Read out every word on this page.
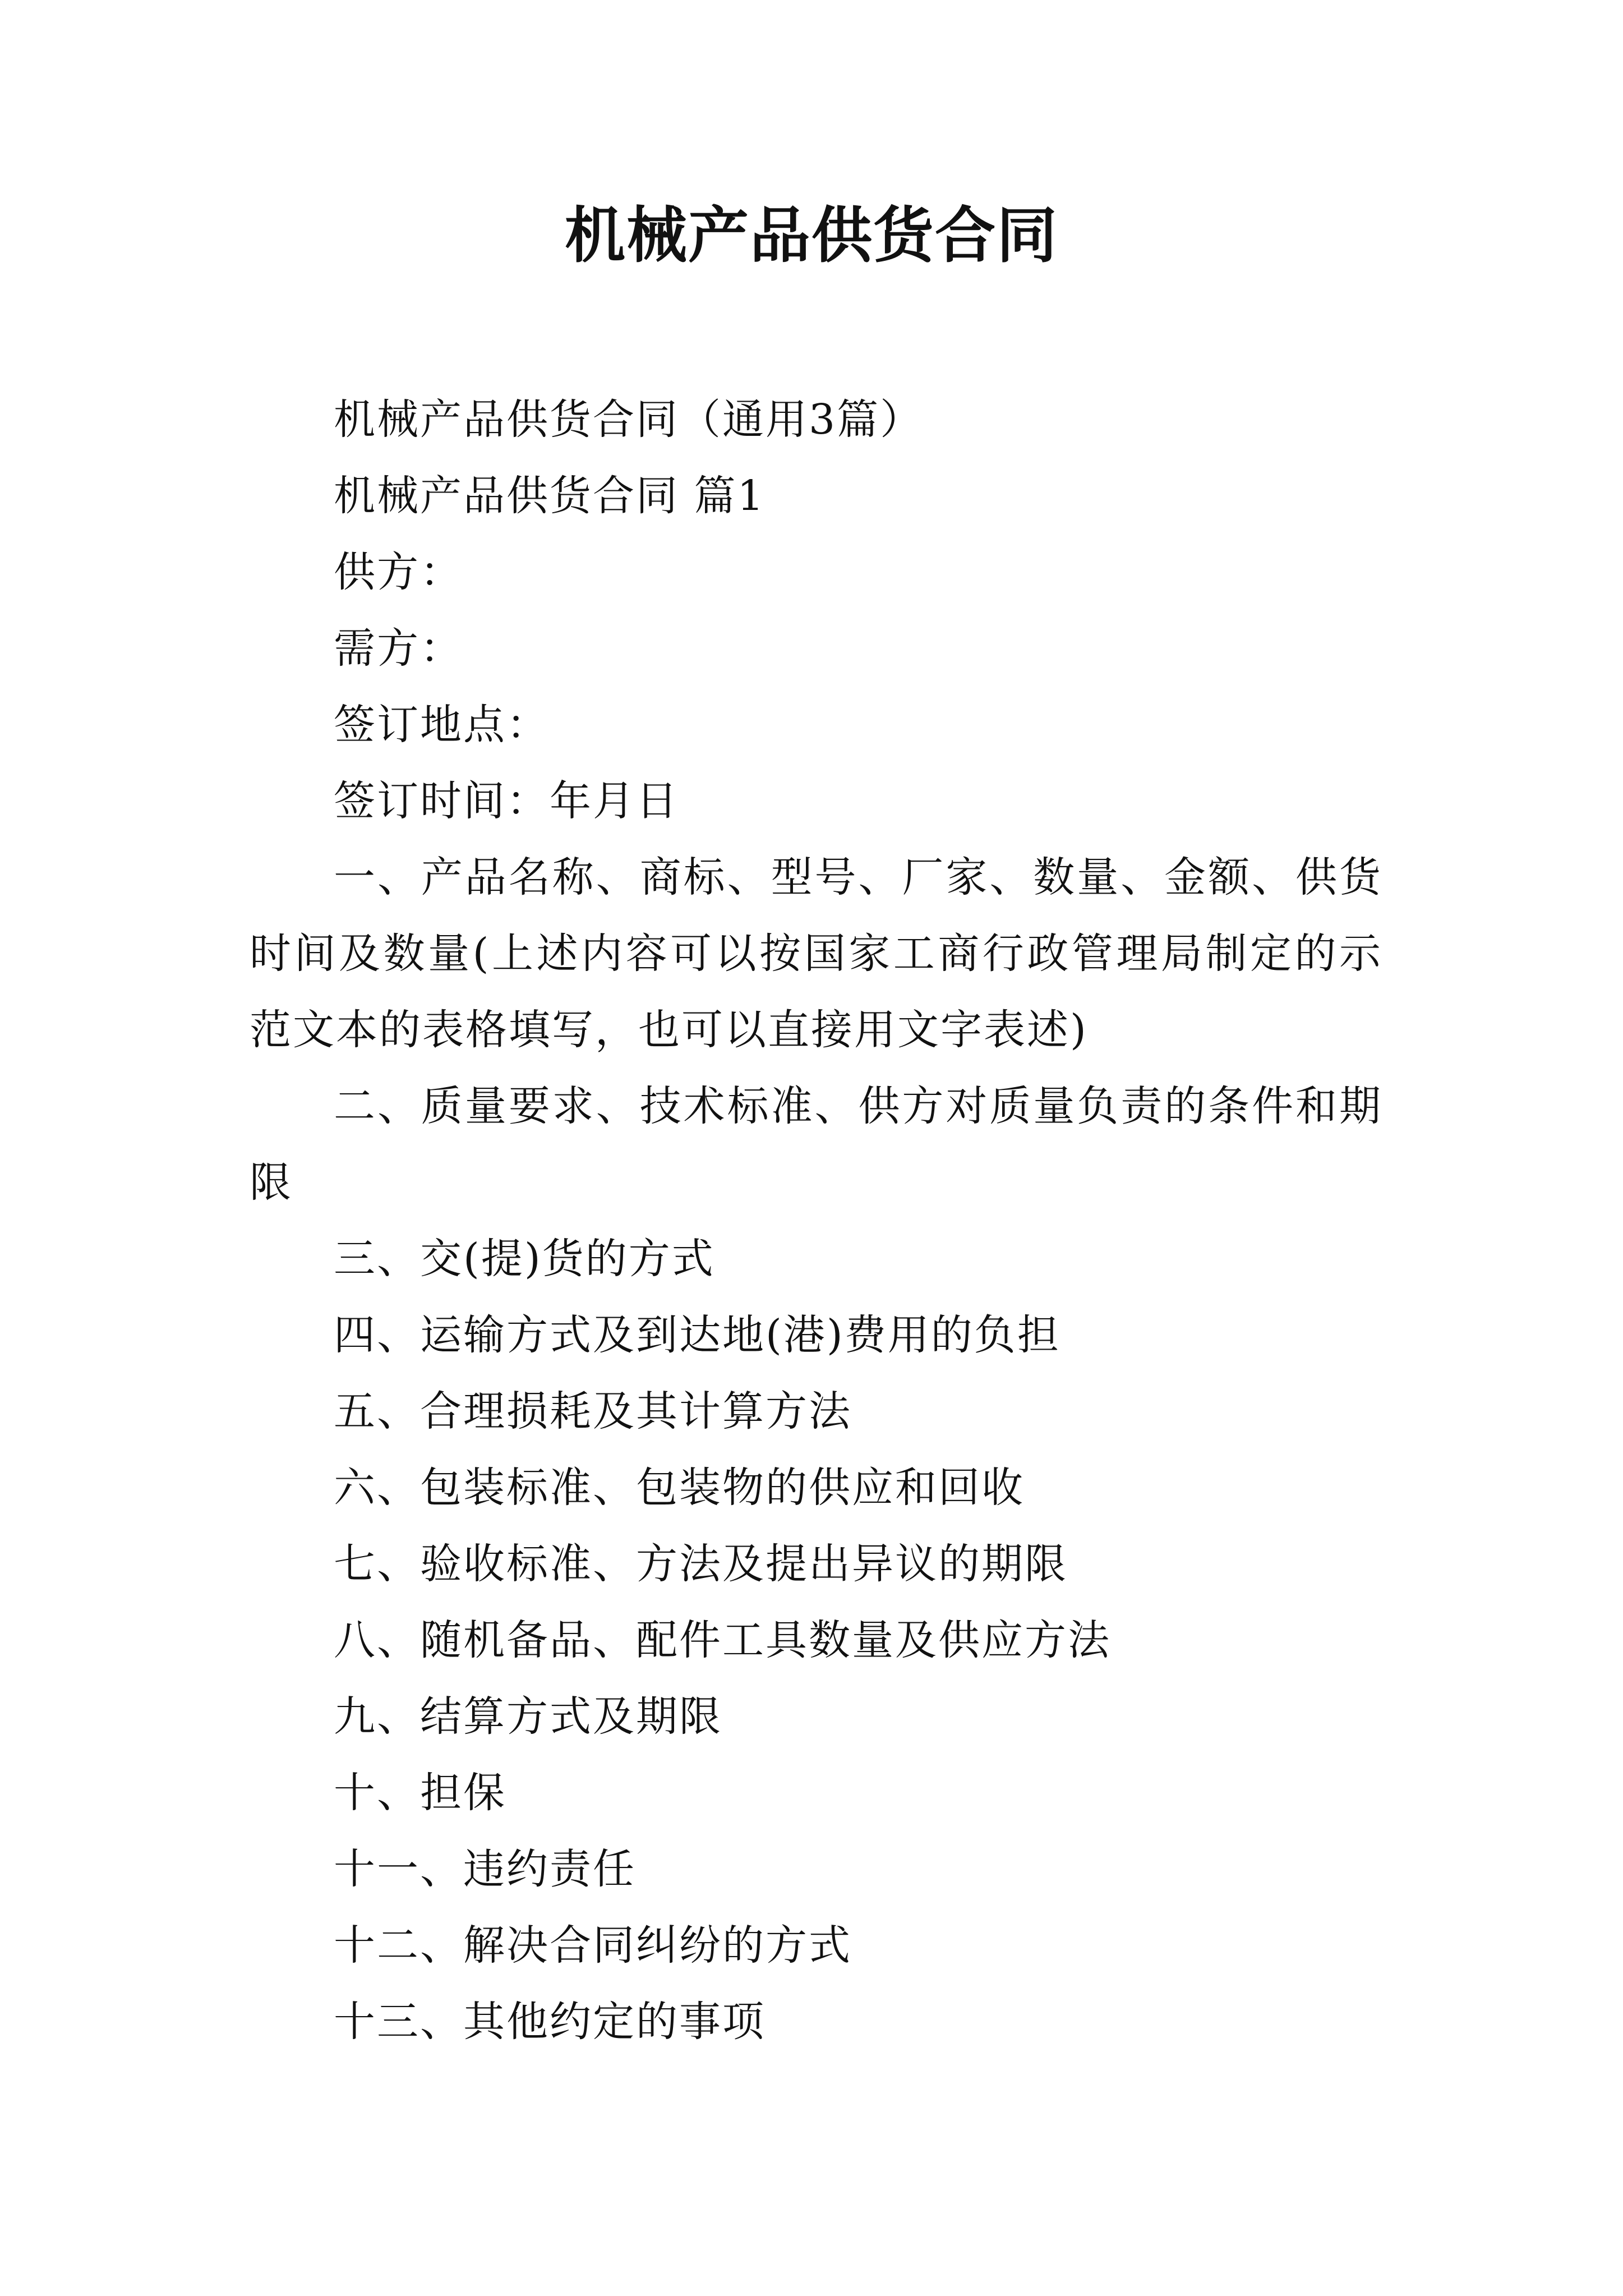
机械产品供货合同

机械产品供货合同（通用3篇）

机械产品供货合同 篇1

供方：

需方：

签订地点：

签订时间：年月日

一、产品名称、商标、型号、厂家、数量、金额、供货时间及数量(上述内容可以按国家工商行政管理局制定的示范文本的表格填写，也可以直接用文字表述)

二、质量要求、技术标准、供方对质量负责的条件和期限

三、交(提)货的方式

四、运输方式及到达地(港)费用的负担

五、合理损耗及其计算方法

六、包装标准、包装物的供应和回收

七、验收标准、方法及提出异议的期限

八、随机备品、配件工具数量及供应方法

九、结算方式及期限

十、担保

十一、违约责任

十二、解决合同纠纷的方式

十三、其他约定的事项
